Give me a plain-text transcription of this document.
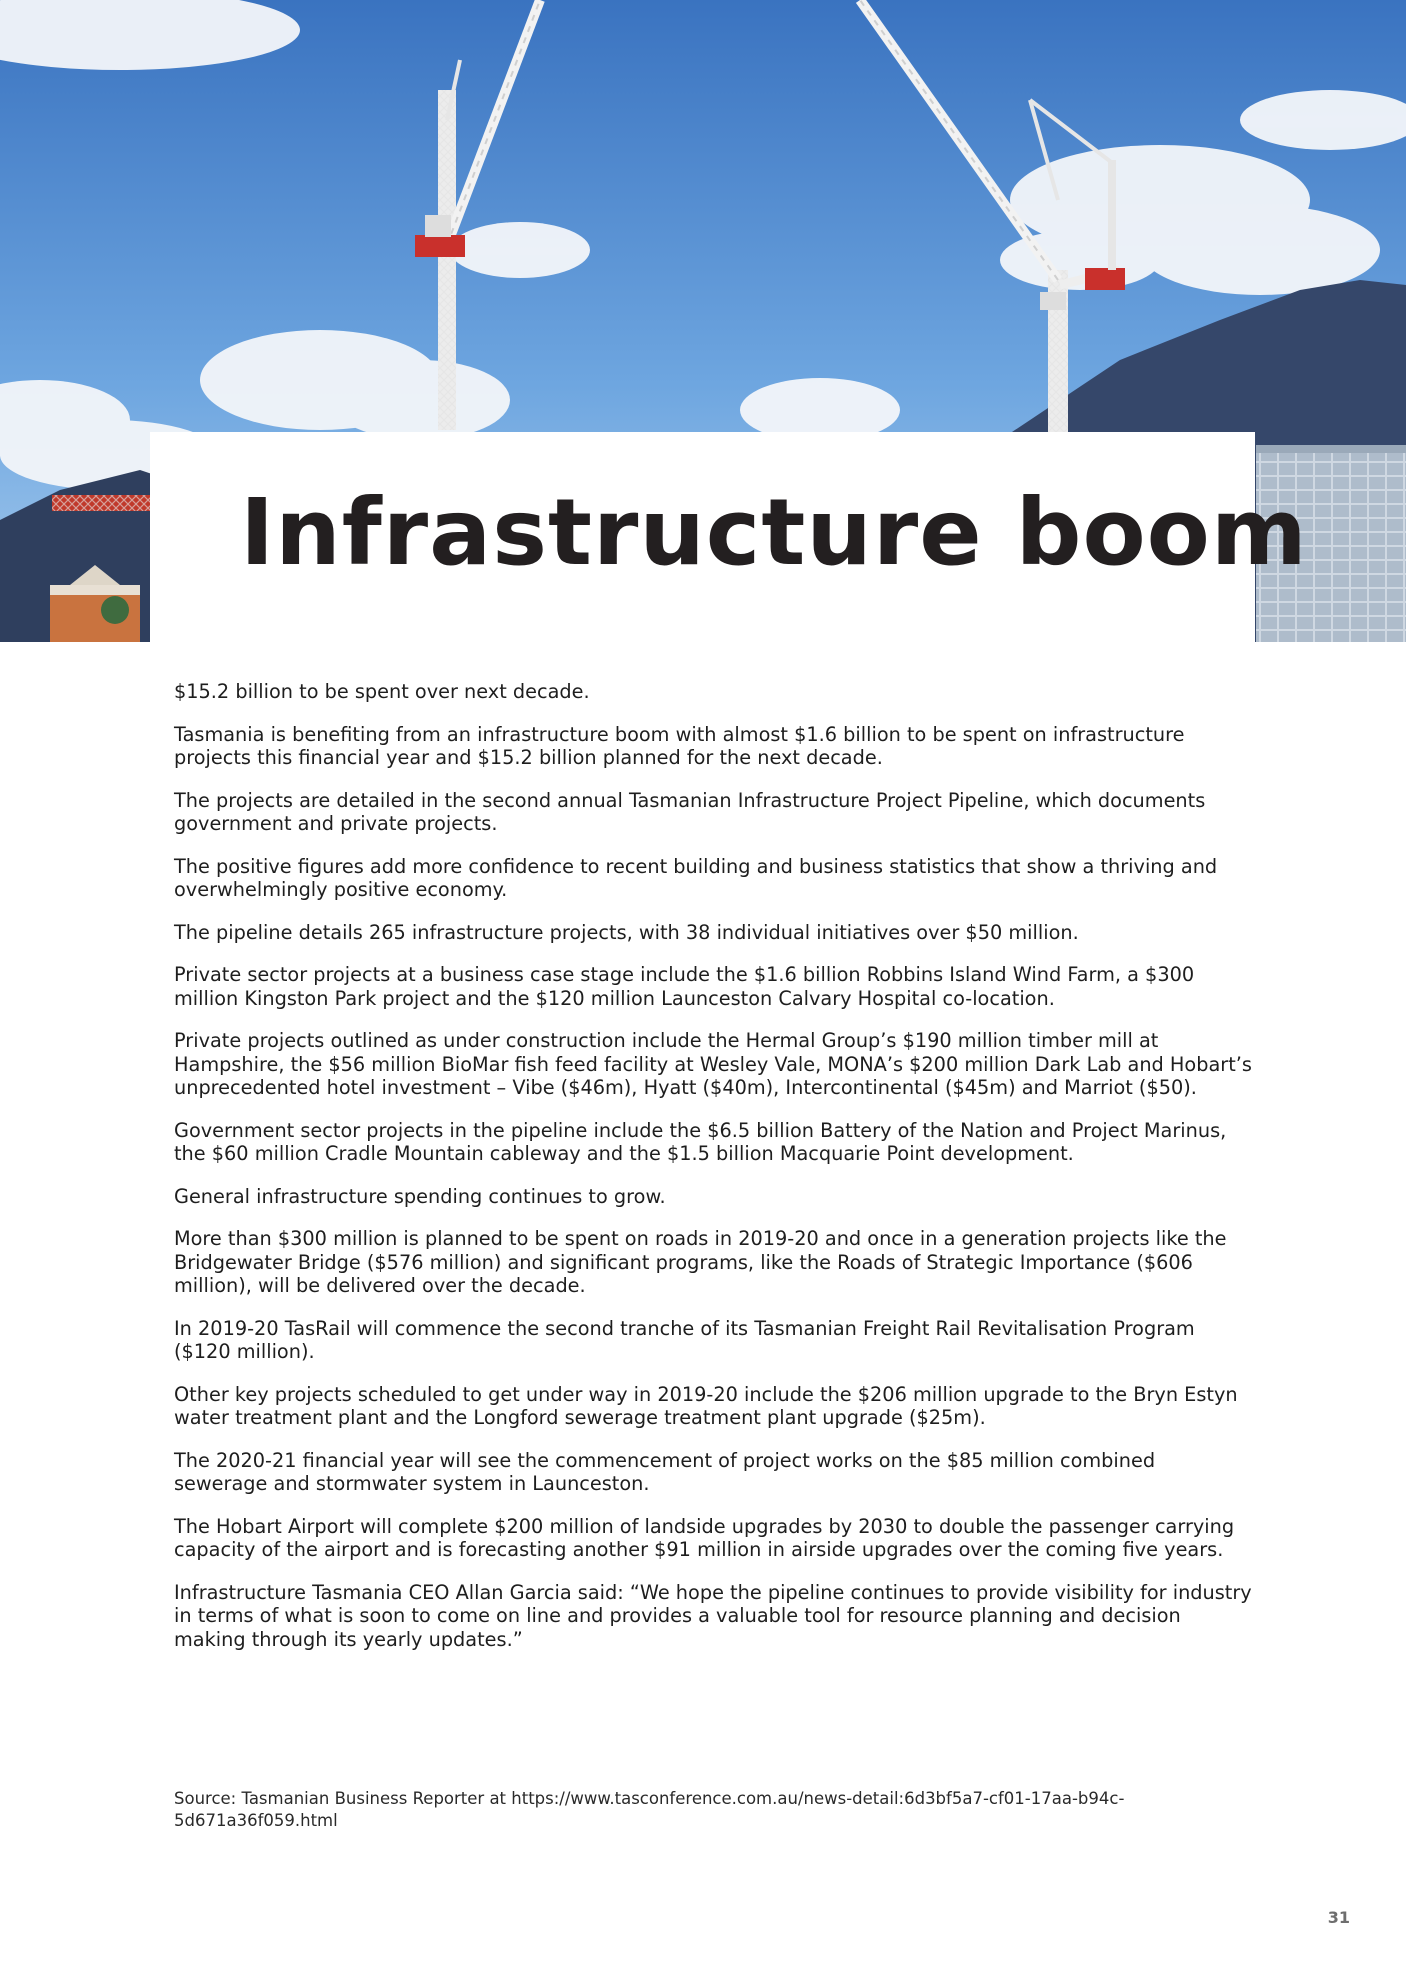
Infrastructure boom

$15.2 billion to be spent over next decade.

Tasmania is benefiting from an infrastructure boom with almost $1.6 billion to be spent on infrastructure projects this financial year and $15.2 billion planned for the next decade.

The projects are detailed in the second annual Tasmanian Infrastructure Project Pipeline, which documents government and private projects.

The positive figures add more confidence to recent building and business statistics that show a thriving and overwhelmingly positive economy.

The pipeline details 265 infrastructure projects, with 38 individual initiatives over $50 million.

Private sector projects at a business case stage include the $1.6 billion Robbins Island Wind Farm, a $300 million Kingston Park project and the $120 million Launceston Calvary Hospital co-location.

Private projects outlined as under construction include the Hermal Group’s $190 million timber mill at Hampshire, the $56 million BioMar fish feed facility at Wesley Vale, MONA’s $200 million Dark Lab and Hobart’s unprecedented hotel investment – Vibe ($46m), Hyatt ($40m), Intercontinental ($45m) and Marriot ($50).

Government sector projects in the pipeline include the $6.5 billion Battery of the Nation and Project Marinus, the $60 million Cradle Mountain cableway and the $1.5 billion Macquarie Point development.

General infrastructure spending continues to grow.

More than $300 million is planned to be spent on roads in 2019-20 and once in a generation projects like the Bridgewater Bridge ($576 million) and significant programs, like the Roads of Strategic Importance ($606 million), will be delivered over the decade.

In 2019-20 TasRail will commence the second tranche of its Tasmanian Freight Rail Revitalisation Program ($120 million).

Other key projects scheduled to get under way in 2019-20 include the $206 million upgrade to the Bryn Estyn water treatment plant and the Longford sewerage treatment plant upgrade ($25m).

The 2020-21 financial year will see the commencement of project works on the $85 million combined sewerage and stormwater system in Launceston.

The Hobart Airport will complete $200 million of landside upgrades by 2030 to double the passenger carrying capacity of the airport and is forecasting another $91 million in airside upgrades over the coming five years.

Infrastructure Tasmania CEO Allan Garcia said: “We hope the pipeline continues to provide visibility for industry in terms of what is soon to come on line and provides a valuable tool for resource planning and decision making through its yearly updates.”

Source: Tasmanian Business Reporter at https://www.tasconference.com.au/news-detail:6d3bf5a7-cf01-17aa-b94c-5d671a36f059.html
31
